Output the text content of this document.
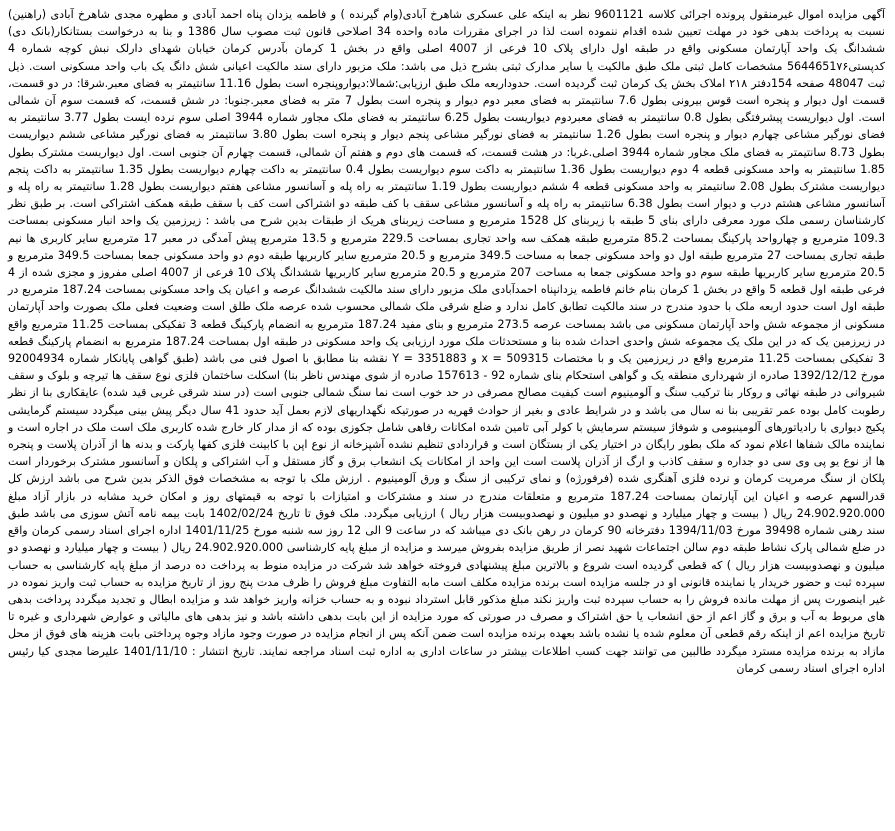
آگهی مزایده اموال غیرمنقول پرونده اجرائی کلاسه 9601121 نظر به اینکه علی عسکری شاهرخ آبادی(وام گیرنده ) و فاطمه یزدان پناه احمد آبادی و مطهره مجدی شاهرخ آبادی (راهنین) نسبت به پرداخت بدهی خود در مهلت تعیین شده اقدام ننموده است لذا در اجرای مقررات ماده واحده 34 اصلاحی قانون ثبت مصوب سال 1386 و بنا به درخواست بستانکار(بانک دی) ششدانگ یک واحد آپارتمان مسکونی واقع در طبقه اول دارای پلاک 10 فرعی از 4007 اصلی واقع در بخش 1 کرمان بآدرس کرمان خیابان شهدای دارلک نبش کوچه شماره 4 کدپستی5644651۷۶ مشخصات کامل ثبتی ملک طبق مالکیت یا سایر مدارک ثبتی بشرح ذیل می باشد: ملک مزبور دارای سند مالکیت اعیانی شش دانگ یک باب واحد مسکونی است. ذیل ثبت 48047 صفحه 154دفتر ۲۱۸ املاک بخش یک کرمان ثبت گردیده است. حدوداربعه ملک طبق ارزیابی:شمالا:دیواروپنجره است بطول 11.16 سانتیمتر به فضای معبر.شرقا: در دو قسمت، قسمت اول دیوار و پنجره است قوس بیرونی بطول 7.6 سانتیمتر به فضای معبر دوم دیوار و پنجره است بطول 7 متر به فضای معبر.جنوبا: در شش قسمت، که قسمت سوم آن شمالی است. اول دیواریست پیشرفتگی بطول 0.8 سانتیمتر به فضای معبردوم دیواریست بطول 6.25 سانتیمتر به فضای ملک مجاور شماره 3944 اصلی سوم نرده ایست بطول 3.77 سانتیمتر به فضای نورگیر مشاعی چهارم دیوار و پنجره است بطول 1.26 سانتیمتر به فضای نورگیر مشاعی پنجم دیوار و پنجره است بطول 3.80 سانتیمتر به فضای نورگیر مشاعی ششم دیواریست بطول 8.73 سانتیمتر به فضای ملک مجاور شماره 3944 اصلی.غربا: در هشت قسمت، که قسمت های دوم و هفتم آن شمالی، قسمت چهارم آن جنوبی است. اول دیواریست مشترک بطول 1.85 سانتیمتر به واحد مسکونی قطعه 4 دوم دیواریست بطول 1.36 سانتیمتر به داکت سوم دیواریست بطول 0.4 سانتیمتر به داکت چهارم دیواریست بطول 1.35 سانتیمتر به داکت پنجم دیواریست مشترک بطول 2.08 سانتیمتر به واحد مسکونی قطعه 4 ششم دیواریست بطول 1.19 سانتیمتر به راه پله و آسانسور مشاعی هفتم دیواریست بطول 1.28 سانتیمتر به راه پله و آسانسور مشاعی هشتم درب و دیوار است بطول 6.38 سانتیمتر به راه پله و آسانسور مشاعی سقف با کف طبقه دو اشتراکی است کف با سقف طبقه همکف اشتراکی است. بر طبق نظر کارشناسان رسمی ملک مورد معرفی دارای بنای 5 طبقه با زیربنای کل 1528 مترمربع و مساحت زیربنای هریک از طبقات بدین شرح می باشد : زیرزمین یک واحد انبار مسکونی بمساحت 109.3 مترمربع و چهارواحد پارکینگ بمساحت 85.2 مترمربع طبقه همکف سه واحد تجاری بمساحت 229.5 مترمربع و 13.5 مترمربع پیش آمدگی در معبر 17 مترمربع سایر کاربری ها نیم طبقه تجاری بمساحت 27 مترمربع طبقه اول دو واحد مسکونی جمعا به مساحت 349.5 مترمربع و 20.5 مترمربع سایر کاربریها طبقه دوم دو واحد مسکونی جمعا بمساحت 349.5 مترمربع و 20.5 مترمربع سایر کاربریها طبقه سوم دو واحد مسکونی جمعا به مساحت 207 مترمربع و 20.5 مترمربع سایر کاربریها ششدانگ پلاک 10 فرعی از 4007 اصلی مفروز و مجزی شده از 4 فرعی طبقه اول قطعه 5 واقع در بخش 1 کرمان بنام خانم فاطمه یزدانپناه احمدآبادی ملک مزبور دارای سند مالکیت ششدانگ عرصه و اعیان یک واحد مسکونی بمساحت 187.24 مترمربع در طبقه اول است حدود اربعه ملک با حدود مندرج در سند مالکیت تطابق کامل ندارد و ضلع شرقی ملک شمالی محسوب شده عرصه ملک طلق است وضعیت فعلی ملک بصورت واحد آپارتمان مسکونی از مجموعه شش واحد آپارتمان مسکونی می باشد بمساحت عرصه 273.5 مترمربع و بنای مفید 187.24 مترمربع به انضمام پارکینگ قطعه 3 تفکیکی بمساحت 11.25 مترمربع واقع در زیرزمین یک که در این ملک یک مجموعه شش واحدی احداث شده بنا و مستحدثات ملک مورد ارزیابی یک واحد مسکونی در طبقه اول بمساحت 187.24 مترمربع به انضمام پارکینگ قطعه 3 تفکیکی بمساحت 11.25 مترمربع واقع در زیرزمین یک و با مختصات 509315 = x و 3351883 = Y نقشه بنا مطابق با اصول فنی می باشد (طبق گواهی پایانکار شماره 92004934 مورخ 1392/12/12 صادره از شهرداری منطقه یک و گواهی استحکام بنای شماره 92 - 157613 صادره از شوی مهندس ناظر بنا) اسکلت ساختمان فلزی نوع سقف ها تیرچه و بلوک و سقف شیروانی در طبقه نهائی و روکار بنا ترکیب سنگ و آلومینیوم است کیفیت مصالح مصرفی در حد خوب است نما سنگ شمالی جنوبی است (در سند شرقی غربی قید شده) عایقکاری بنا از نظر رطوبت کامل بوده عمر تقریبی بنا نه سال می باشد و در شرایط عادی و بغیر از حوادث قهریه در صورتیکه نگهداریهای لازم بعمل آید حدود 41 سال دیگر پیش بینی میگردد سیستم گرمایشی پکیج دیواری با رادیاتورهای آلومینیومی و شوفاژ سیستم سرمایش با کولر آبی تامین شده امکانات رفاهی شامل جکوزی بوده که از مدار کار خارج شده کاربری ملک است ملک در اجاره است و نماینده مالک شفاها اعلام نمود که ملک بطور رایگان در اختیار یکی از بستگان است و قراردادی تنظیم نشده آشپزخانه از نوع اپن با کابینت فلزی کفها پارکت و بدنه ها از آذران پلاست و پنجره ها از نوع یو پی وی سی دو جداره و سقف کاذب و ارگ از آذران پلاست است این واحد از امکانات یک انشعاب برق و گاز مستقل و آب اشتراکی و پلکان و آسانسور مشترک برخوردار است پلکان از سنگ مرمریت کرمان و نرده فلزی آهنگری شده (فرفورژه) و نمای ترکیبی از سنگ و ورق آلومینیوم . ارزش ملک با توجه به مشخصات فوق الذکر بدین شرح می باشد ارزش کل قدرالسهم عرصه و اعیان این آپارتمان بمساحت 187.24 مترمربع و متعلقات مندرج در سند و مشترکات و امتیازات با توجه به قیمتهای روز و امکان خرید مشابه در بازار آزاد مبلغ 24.902.920.000 ریال ( بیست و چهار میلیارد و نهصدو دو میلیون و نهصدوبیست هزار ریال ) ارزیابی میگردد. ملک فوق تا تاریخ 1402/02/24 بابت بیمه نامه آتش سوزی می باشد طبق سند رهنی شماره 39498 مورخ 1394/11/03 دفترخانه 90 کرمان در رهن بانک دی میباشد که در ساعت 9 الی 12 روز سه شنبه مورخ 1401/11/25 اداره اجرای اسناد رسمی کرمان واقع در ضلع شمالی پارک نشاط طبقه دوم سالن اجتماعات شهید نصر از طریق مزایده بفروش میرسد و مزایده از مبلغ پایه کارشناسی 24.902.920.000 ریال ( بیست و چهار میلیارد و نهصدو دو میلیون و نهصدوبیست هزار ریال ) که قطعی گردیده است شروع و بالاترین مبلغ پیشنهادی فروخته خواهد شد شرکت در مزایده منوط به پرداخت ده درصد از مبلغ پایه کارشناسی به حساب سپرده ثبت و حضور خریدار یا نماینده قانونی او در جلسه مزایده است برنده مزایده مکلف است مابه التفاوت مبلغ فروش را ظرف مدت پنج روز از تاریخ مزایده به حساب ثبت واریز نموده در غیر اینصورت پس از مهلت مانده فروش را به حساب سپرده ثبت واریز نکند مبلغ مذکور قابل استرداد نبوده و به حساب خزانه واریز خواهد شد و مزایده ابطال و تجدید میگردد پرداخت بدهی های مربوط به آب و برق و گاز اعم از حق انشعاب یا حق اشتراک و مصرف در صورتی که مورد مزایده از این بابت بدهی داشته باشد و نیز بدهی های مالیاتی و عوارض شهرداری و غیره تا تاریخ مزایده اعم از اینکه رقم قطعی آن معلوم شده یا نشده باشد بعهده برنده مزایده است ضمن آنکه پس از انجام مزایده در صورت وجود مازاد وجوه پرداختی بابت هزینه های فوق از محل مازاد به برنده مزایده مسترد میگردد طالبین می توانند جهت کسب اطلاعات بیشتر در ساعات اداری به اداره ثبت اسناد مراجعه نمایند. تاریخ انتشار : 1401/11/10 علیرضا مجدی کیا رئیس اداره اجرای اسناد رسمی کرمان
